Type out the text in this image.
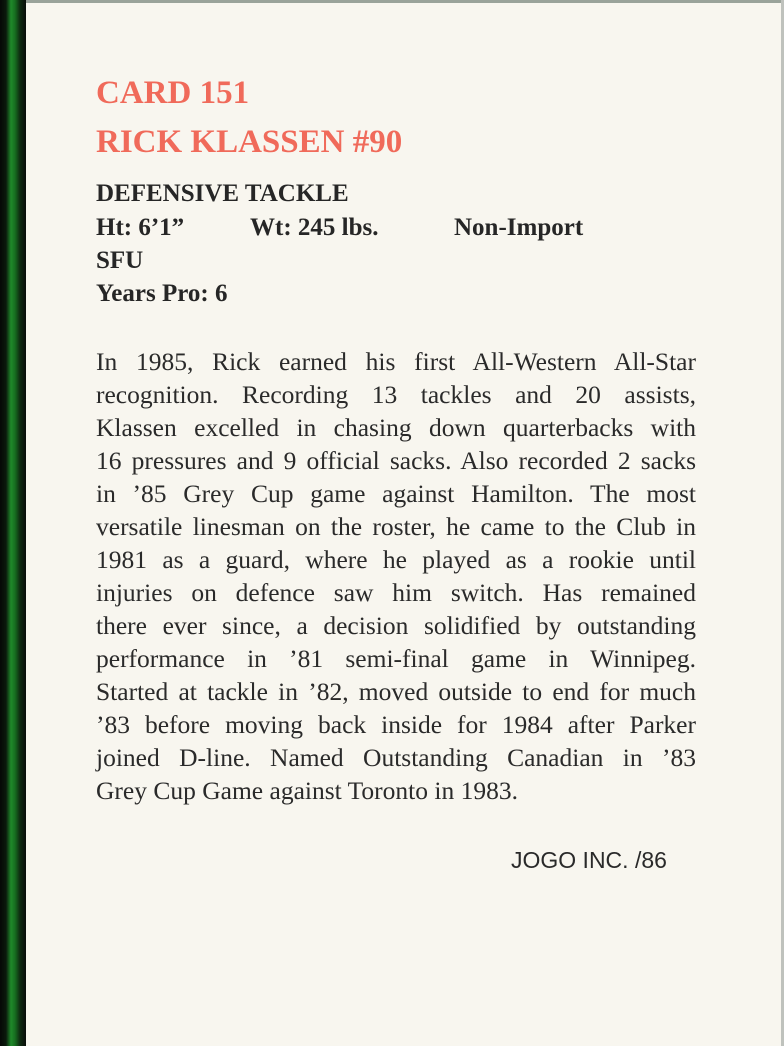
CARD 151
RICK KLASSEN #90

DEFENSIVE TACKLE

Ht: 6’1”	Wt: 245 lbs.	Non-Import

SFU

Years Pro: 6

In 1985, Rick earned his first All-Western All-Star
recognition. Recording 13 tackles and 20 assists,
Klassen excelled in chasing down quarterbacks with
16 pressures and 9 official sacks. Also recorded 2 sacks
in ’85 Grey Cup game against Hamilton. The most
versatile linesman on the roster, he came to the Club in
1981 as a guard, where he played as a rookie until
injuries on defence saw him switch. Has remained
there ever since, a decision solidified by outstanding
performance in ’81 semi-final game in Winnipeg.
Started at tackle in ’82, moved outside to end for much
’83 before moving back inside for 1984 after Parker
joined D-line. Named Outstanding Canadian in ’83
Grey Cup Game against Toronto in 1983.

JOGO INC. /86
